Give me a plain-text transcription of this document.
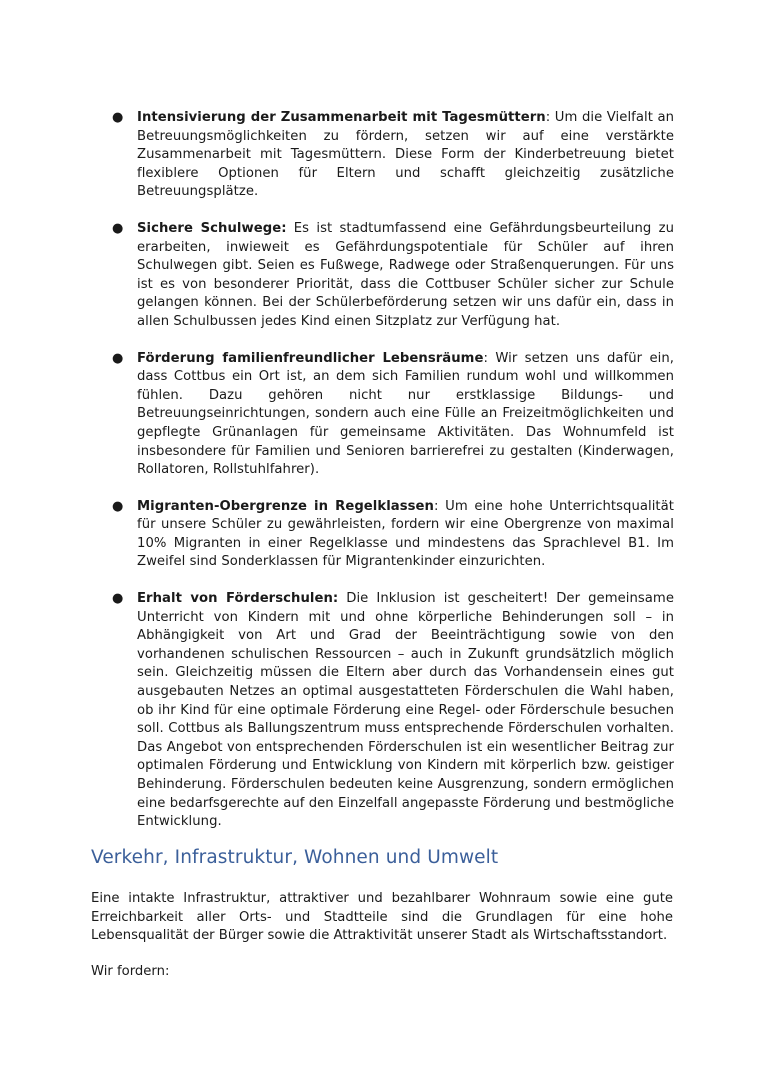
● Intensivierung der Zusammenarbeit mit Tagesmüttern: Um die Vielfalt an Betreuungsmöglichkeiten zu fördern, setzen wir auf eine verstärkte Zusammenarbeit mit Tagesmüttern. Diese Form der Kinderbetreuung bietet flexiblere Optionen für Eltern und schafft gleichzeitig zusätzliche Betreuungsplätze.
● Sichere Schulwege: Es ist stadtumfassend eine Gefährdungsbeurteilung zu erarbeiten, inwieweit es Gefährdungspotentiale für Schüler auf ihren Schulwegen gibt. Seien es Fußwege, Radwege oder Straßenquerungen. Für uns ist es von besonderer Priorität, dass die Cottbuser Schüler sicher zur Schule gelangen können. Bei der Schülerbeförderung setzen wir uns dafür ein, dass in allen Schulbussen jedes Kind einen Sitzplatz zur Verfügung hat.
● Förderung familienfreundlicher Lebensräume: Wir setzen uns dafür ein, dass Cottbus ein Ort ist, an dem sich Familien rundum wohl und willkommen fühlen. Dazu gehören nicht nur erstklassige Bildungs- und Betreuungseinrichtungen, sondern auch eine Fülle an Freizeitmöglichkeiten und gepflegte Grünanlagen für gemeinsame Aktivitäten. Das Wohnumfeld ist insbesondere für Familien und Senioren barrierefrei zu gestalten (Kinderwagen, Rollatoren, Rollstuhlfahrer).
● Migranten-Obergrenze in Regelklassen: Um eine hohe Unterrichtsqualität für unsere Schüler zu gewährleisten, fordern wir eine Obergrenze von maximal 10% Migranten in einer Regelklasse und mindestens das Sprachlevel B1. Im Zweifel sind Sonderklassen für Migrantenkinder einzurichten.
● Erhalt von Förderschulen: Die Inklusion ist gescheitert! Der gemeinsame Unterricht von Kindern mit und ohne körperliche Behinderungen soll – in Abhängigkeit von Art und Grad der Beeinträchtigung sowie von den vorhandenen schulischen Ressourcen – auch in Zukunft grundsätzlich möglich sein. Gleichzeitig müssen die Eltern aber durch das Vorhandensein eines gut ausgebauten Netzes an optimal ausgestatteten Förderschulen die Wahl haben, ob ihr Kind für eine optimale Förderung eine Regel- oder Förderschule besuchen soll. Cottbus als Ballungszentrum muss entsprechende Förderschulen vorhalten. Das Angebot von entsprechenden Förderschulen ist ein wesentlicher Beitrag zur optimalen Förderung und Entwicklung von Kindern mit körperlich bzw. geistiger Behinderung. Förderschulen bedeuten keine Ausgrenzung, sondern ermöglichen eine bedarfsgerechte auf den Einzelfall angepasste Förderung und bestmögliche Entwicklung.
Verkehr, Infrastruktur, Wohnen und Umwelt

Eine intakte Infrastruktur, attraktiver und bezahlbarer Wohnraum sowie eine gute Erreichbarkeit aller Orts- und Stadtteile sind die Grundlagen für eine hohe Lebensqualität der Bürger sowie die Attraktivität unserer Stadt als Wirtschaftsstandort.

Wir fordern:
